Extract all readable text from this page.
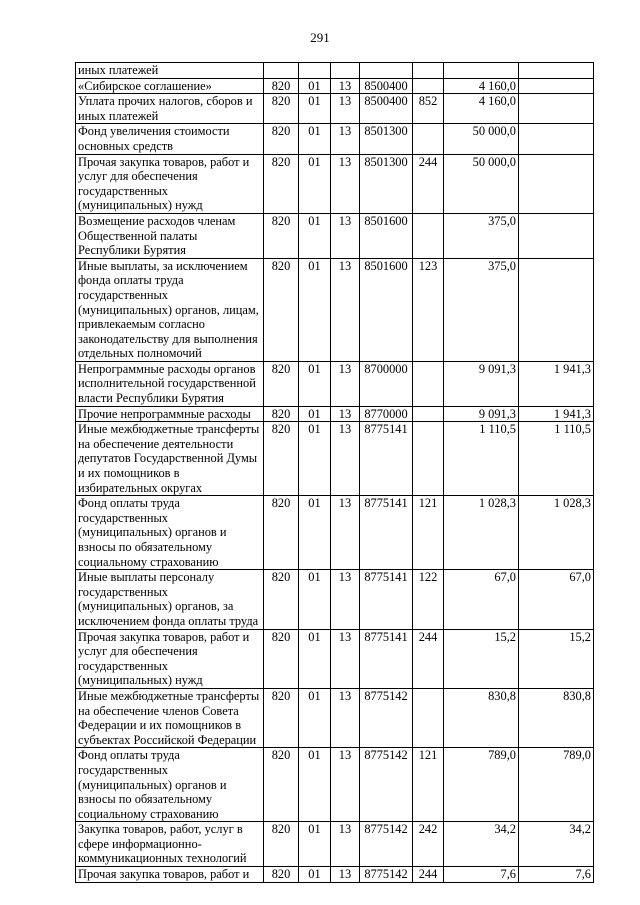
291
иных платежей							
«Сибирское соглашение»	820	01	13	8500400		4 160,0	
Уплата прочих налогов, сборов и иных платежей	820	01	13	8500400	852	4 160,0	
Фонд увеличения стоимости основных средств	820	01	13	8501300		50 000,0	
Прочая закупка товаров, работ и услуг для обеспечения государственных (муниципальных) нужд	820	01	13	8501300	244	50 000,0	
Возмещение расходов членам Общественной палаты Республики Бурятия	820	01	13	8501600		375,0	
Иные выплаты, за исключением фонда оплаты труда государственных (муниципальных) органов, лицам, привлекаемым согласно законодательству для выполнения отдельных полномочий	820	01	13	8501600	123	375,0	
Непрограммные расходы органов исполнительной государственной власти Республики Бурятия	820	01	13	8700000		9 091,3	1 941,3
Прочие непрограммные расходы	820	01	13	8770000		9 091,3	1 941,3
Иные межбюджетные трансферты на обеспечение деятельности депутатов Государственной Думы и их помощников в избирательных округах	820	01	13	8775141		1 110,5	1 110,5
Фонд оплаты труда государственных (муниципальных) органов и взносы по обязательному социальному страхованию	820	01	13	8775141	121	1 028,3	1 028,3
Иные выплаты персоналу государственных (муниципальных) органов, за исключением фонда оплаты труда	820	01	13	8775141	122	67,0	67,0
Прочая закупка товаров, работ и услуг для обеспечения государственных (муниципальных) нужд	820	01	13	8775141	244	15,2	15,2
Иные межбюджетные трансферты на обеспечение членов Совета Федерации и их помощников в субъектах Российской Федерации	820	01	13	8775142		830,8	830,8
Фонд оплаты труда государственных (муниципальных) органов и взносы по обязательному социальному страхованию	820	01	13	8775142	121	789,0	789,0
Закупка товаров, работ, услуг в сфере информационно-коммуникационных технологий	820	01	13	8775142	242	34,2	34,2
Прочая закупка товаров, работ и	820	01	13	8775142	244	7,6	7,6
